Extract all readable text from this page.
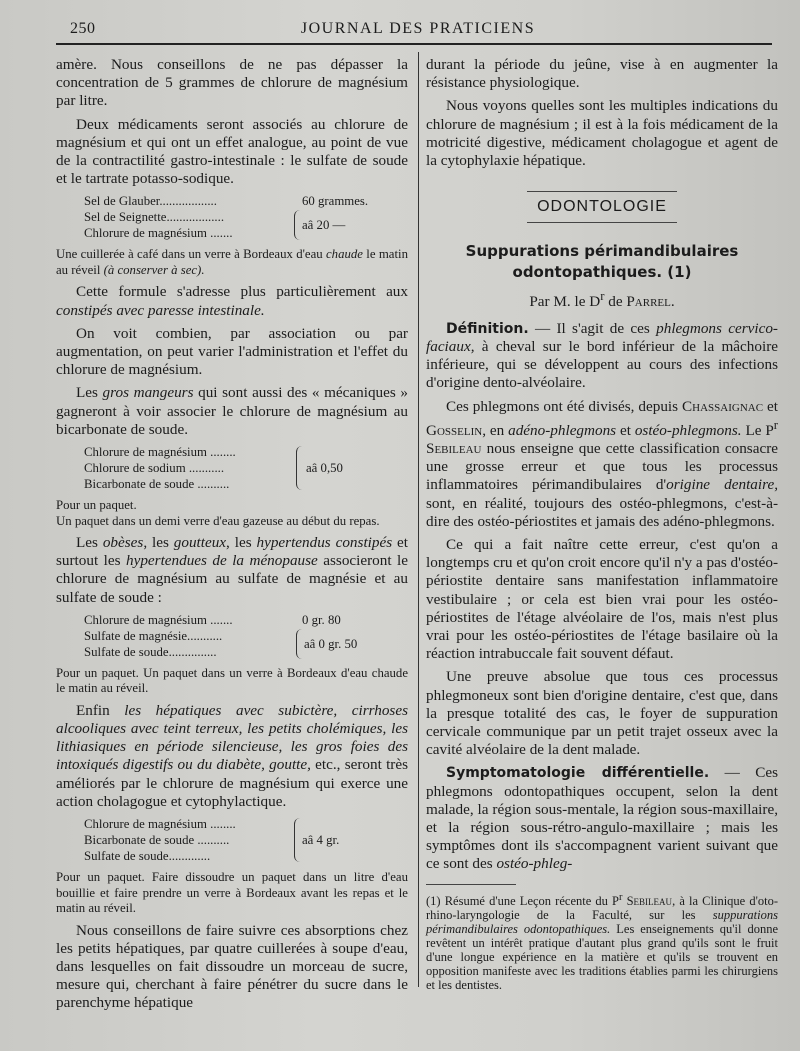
250	JOURNAL DES PRATICIENS

amère. Nous conseillons de ne pas dépasser la concentration de 5 grammes de chlorure de magnésium par litre.

Deux médicaments seront associés au chlorure de magnésium et qui ont un effet analogue, au point de vue de la contractilité gastro-intestinale : le sulfate de soude et le tartrate potasso-sodique.

Sel de Glauber..................
Sel de Seignette..................
Chlorure de magnésium .......
60 grammes.
aâ 20 —

Une cuillerée à café dans un verre à Bordeaux d'eau chaude le matin au réveil (à conserver à sec).

Cette formule s'adresse plus particulièrement aux constipés avec paresse intestinale.

On voit combien, par association ou par augmentation, on peut varier l'administration et l'effet du chlorure de magnésium.

Les gros mangeurs qui sont aussi des « mécaniques » gagneront à voir associer le chlorure de magnésium au bicarbonate de soude.

Chlorure de magnésium ........
Chlorure de sodium ...........
Bicarbonate de soude ..........
aâ 0,50

Pour un paquet.

Un paquet dans un demi verre d'eau gazeuse au début du repas.

Les obèses, les goutteux, les hypertendus constipés et surtout les hypertendues de la ménopause associeront le chlorure de magnésium au sulfate de magnésie et au sulfate de soude :

Chlorure de magnésium .......
Sulfate de magnésie...........
Sulfate de soude...............
0 gr. 80
aâ 0 gr. 50

Pour un paquet. Un paquet dans un verre à Bordeaux d'eau chaude le matin au réveil.

Enfin les hépatiques avec subictère, cirrhoses alcooliques avec teint terreux, les petits cholémiques, les lithiasiques en période silencieuse, les gros foies des intoxiqués digestifs ou du diabète, goutte, etc., seront très améliorés par le chlorure de magnésium qui exerce une action cholagogue et cytophylactique.

Chlorure de magnésium ........
Bicarbonate de soude ..........
Sulfate de soude.............
aâ 4 gr.

Pour un paquet. Faire dissoudre un paquet dans un litre d'eau bouillie et faire prendre un verre à Bordeaux avant les repas et le matin au réveil.

Nous conseillons de faire suivre ces absorptions chez les petits hépatiques, par quatre cuillerées à soupe d'eau, dans lesquelles on fait dissoudre un morceau de sucre, mesure qui, cherchant à faire pénétrer du sucre dans le parenchyme hépatique

durant la période du jeûne, vise à en augmenter la résistance physiologique.

Nous voyons quelles sont les multiples indications du chlorure de magnésium ; il est à la fois médicament de la motricité digestive, médicament cholagogue et agent de la cytophylaxie hépatique.

ODONTOLOGIE
Suppurations périmandibulaires odontopathiques. (1)
Par M. le $D^r$ de Parrel.

Définition. — Il s'agit de ces phlegmons cervico-faciaux, à cheval sur le bord inférieur de la mâchoire inférieure, qui se développent au cours des infections d'origine dento-alvéolaire.

Ces phlegmons ont été divisés, depuis Chassaignac et Gosselin, en adéno-phlegmons et ostéo-phlegmons. Le $P^r$ Sebileau nous enseigne que cette classification consacre une grosse erreur et que tous les processus inflammatoires périmandibulaires d'origine dentaire, sont, en réalité, toujours des ostéo-phlegmons, c'est-à-dire des ostéo-périostites et jamais des adéno-phlegmons.

Ce qui a fait naître cette erreur, c'est qu'on a longtemps cru et qu'on croit encore qu'il n'y a pas d'ostéo-périostite dentaire sans manifestation inflammatoire vestibulaire ; or cela est bien vrai pour les ostéo-périostites de l'étage alvéolaire de l'os, mais n'est plus vrai pour les ostéo-périostites de l'étage basilaire où la réaction intrabuccale fait souvent défaut.

Une preuve absolue que tous ces processus phlegmoneux sont bien d'origine dentaire, c'est que, dans la presque totalité des cas, le foyer de suppuration cervicale communique par un petit trajet osseux avec la cavité alvéolaire de la dent malade.

Symptomatologie différentielle. — Ces phlegmons odontopathiques occupent, selon la dent malade, la région sous-mentale, la région sous-maxillaire, et la région sous-rétro-angulo-maxillaire ; mais les symptômes dont ils s'accompagnent varient suivant que ce sont des ostéo-phleg-

(1) Résumé d'une Leçon récente du $P^r$ Sebileau, à la Clinique d'oto-rhino-laryngologie de la Faculté, sur les suppurations périmandibulaires odontopathiques. Les enseignements qu'il donne revêtent un intérêt pratique d'autant plus grand qu'ils sont le fruit d'une longue expérience en la matière et qu'ils se trouvent en opposition manifeste avec les traditions établies parmi les chirurgiens et les dentistes.
